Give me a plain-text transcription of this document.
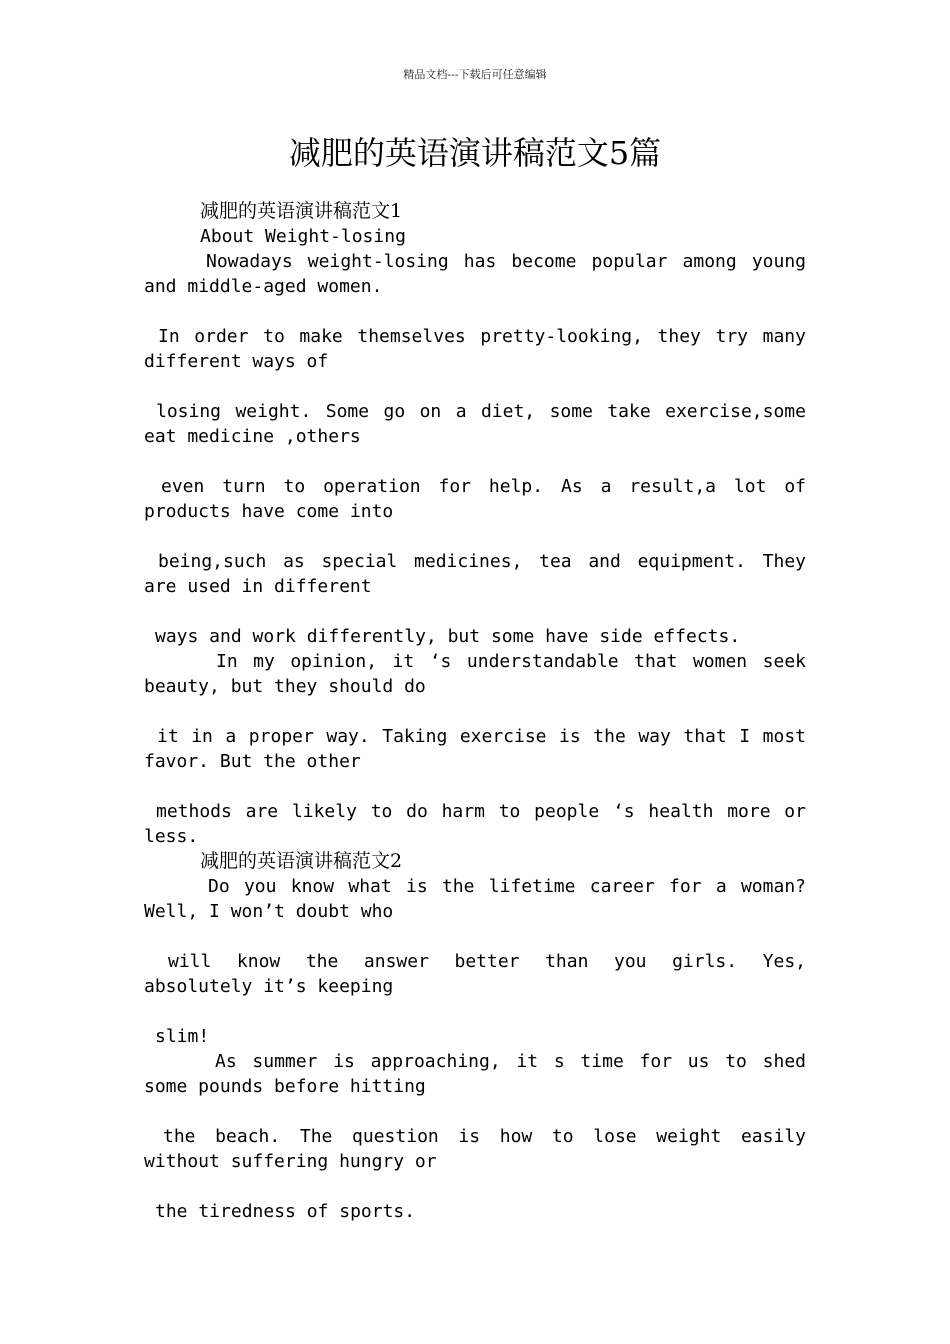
精品文档---下载后可任意编辑
减肥的英语演讲稿范文5篇
减肥的英语演讲稿范文1
About Weight-losing
Nowadays weight-losing has become popular among young
and middle-aged women.
In order to make themselves pretty-looking, they try many
different ways of
losing weight. Some go on a diet, some take exercise,some
eat medicine ,others
even turn to operation for help. As a result,a lot of
products have come into
being,such as special medicines, tea and equipment. They
are used in different
ways and work differently, but some have side effects.
In my opinion, it ‘s understandable that women seek
beauty, but they should do
it in a proper way. Taking exercise is the way that I most
favor. But the other
methods are likely to do harm to people ‘s health more or
less.
减肥的英语演讲稿范文2
Do you know what is the lifetime career for a woman?
Well, I won’t doubt who
will know the answer better than you girls. Yes,
absolutely it’s keeping
slim!
As summer is approaching, it s time for us to shed
some pounds before hitting
the beach. The question is how to lose weight easily
without suffering hungry or
the tiredness of sports.
